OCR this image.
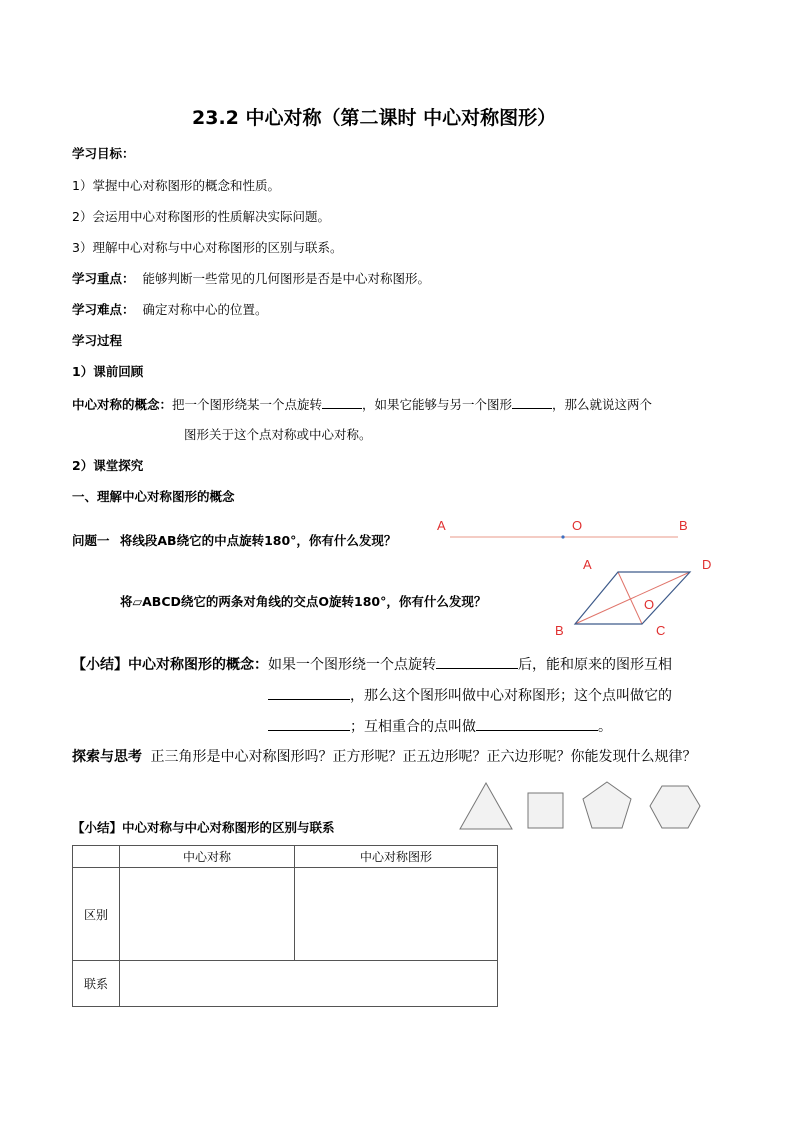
23.2 中心对称（第二课时 中心对称图形）
学习目标：
1）掌握中心对称图形的概念和性质。
2）会运用中心对称图形的性质解决实际问题。
3）理解中心对称与中心对称图形的区别与联系。
学习重点： 能够判断一些常见的几何图形是否是中心对称图形。
学习难点： 确定对称中心的位置。
学习过程
1）课前回顾
中心对称的概念：把一个图形绕某一个点旋转	，如果它能够与另一个图形	，那么就说这两个
图形关于这个点对称或中心对称。
2）课堂探究
一、理解中心对称图形的概念
问题一 将线段AB绕它的中点旋转180°，你有什么发现？
将▱ABCD绕它的两条对角线的交点O旋转180°，你有什么发现？
A	O	B
A	D
B	C
O
【小结】中心对称图形的概念：如果一个图形绕一个点旋转	后，能和原来的图形互相
，那么这个图形叫做中心对称图形；这个点叫做它的
；互相重合的点叫做	。
探索与思考 正三角形是中心对称图形吗？正方形呢？正五边形呢？正六边形呢？你能发现什么规律？
【小结】中心对称与中心对称图形的区别与联系
	中心对称	中心对称图形
区别		
联系		
